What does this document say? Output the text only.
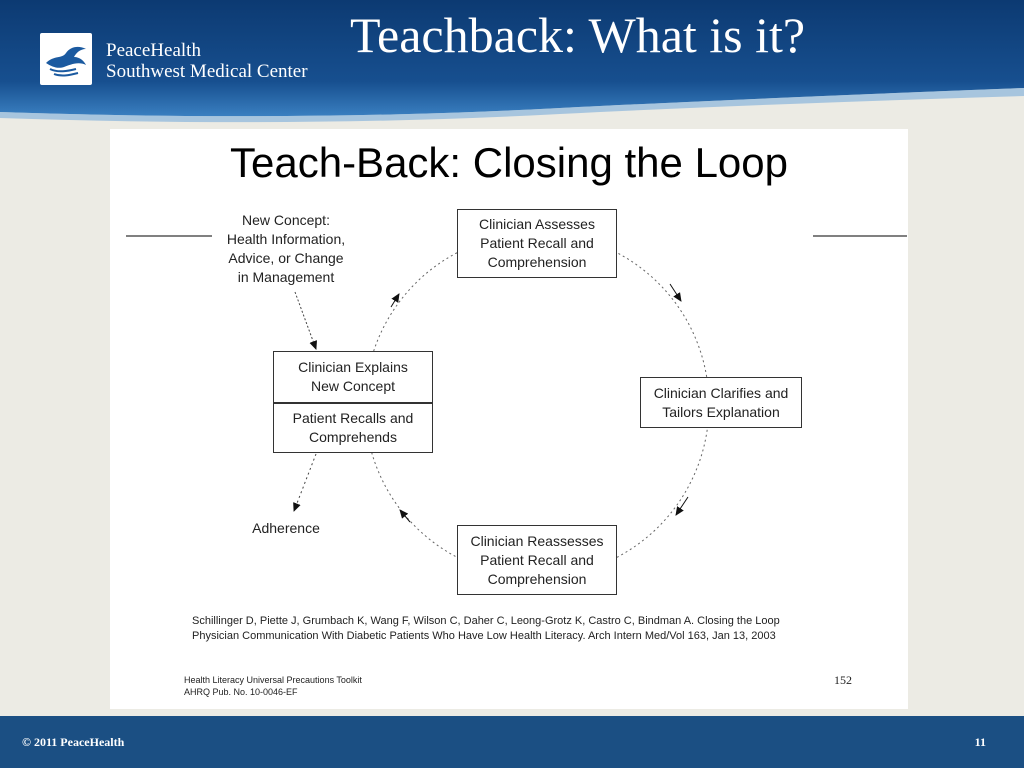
PeaceHealth
Southwest Medical Center
Teachback: What is it?
Teach-Back: Closing the Loop
New Concept:
Health Information,
Advice, or Change
in Management
Clinician Assesses
Patient Recall and
Comprehension
Clinician Clarifies and
Tailors Explanation
Clinician Reassesses
Patient Recall and
Comprehension
Clinician Explains
New Concept
Patient Recalls and
Comprehends
Adherence
Schillinger D, Piette J, Grumbach K, Wang F, Wilson C, Daher C, Leong-Grotz K, Castro C, Bindman A. Closing the Loop
Physician Communication With Diabetic Patients Who Have Low Health Literacy. Arch Intern Med/Vol 163, Jan 13, 2003
Health Literacy Universal Precautions Toolkit
AHRQ Pub. No. 10-0046-EF
152
© 2011 PeaceHealth	11
